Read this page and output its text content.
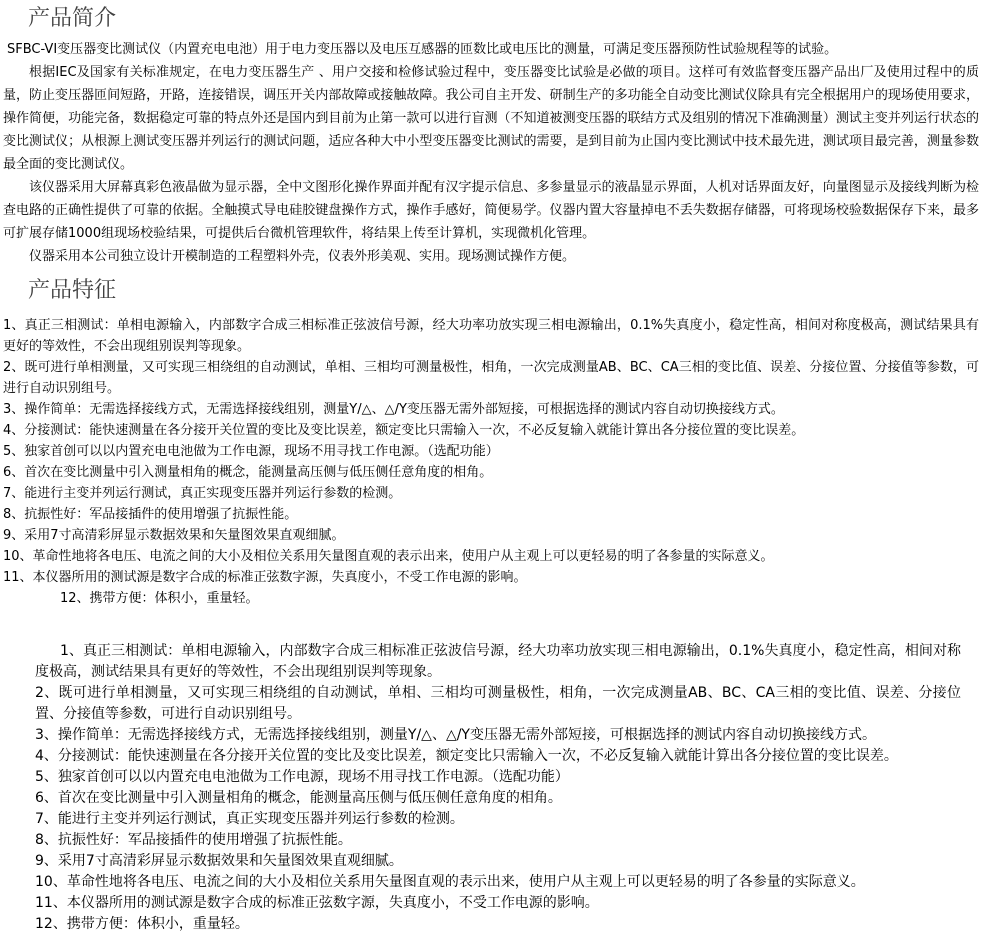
产品简介

SFBC-VI变压器变比测试仪（内置充电电池）用于电力变压器以及电压互感器的匝数比或电压比的测量，可满足变压器预防性试验规程等的试验。

根据IEC及国家有关标准规定，在电力变压器生产 、用户交接和检修试验过程中，变压器变比试验是必做的项目。这样可有效监督变压器产品出厂及使用过程中的质量，防止变压器匝间短路，开路，连接错误，调压开关内部故障或接触故障。我公司自主开发、研制生产的多功能全自动变比测试仪除具有完全根据用户的现场使用要求，操作简便，功能完备，数据稳定可靠的特点外还是国内到目前为止第一款可以进行盲测（不知道被测变压器的联结方式及组别的情况下准确测量）测试主变并列运行状态的变比测试仪；从根源上测试变压器并列运行的测试问题，适应各种大中小型变压器变比测试的需要，是到目前为止国内变比测试中技术最先进，测试项目最完善，测量参数最全面的变比测试仪。

该仪器采用大屏幕真彩色液晶做为显示器，全中文图形化操作界面并配有汉字提示信息、多参量显示的液晶显示界面，人机对话界面友好，向量图显示及接线判断为检查电路的正确性提供了可靠的依据。全触摸式导电硅胶键盘操作方式，操作手感好，简便易学。仪器内置大容量掉电不丢失数据存储器，可将现场校验数据保存下来，最多可扩展存储1000组现场校验结果，可提供后台微机管理软件，将结果上传至计算机，实现微机化管理。

仪器采用本公司独立设计开模制造的工程塑料外壳，仪表外形美观、实用。现场测试操作方便。

产品特征
1、真正三相测试：单相电源输入，内部数字合成三相标准正弦波信号源，经大功率功放实现三相电源输出，0.1%失真度小，稳定性高，相间对称度极高，测试结果具有更好的等效性，不会出现组别误判等现象。
2、既可进行单相测量，又可实现三相绕组的自动测试，单相、三相均可测量极性，相角，一次完成测量AB、BC、CA三相的变比值、误差、分接位置、分接值等参数，可进行自动识别组号。
3、操作简单：无需选择接线方式，无需选择接线组别，测量Y/△、△/Y变压器无需外部短接，可根据选择的测试内容自动切换接线方式。
4、分接测试：能快速测量在各分接开关位置的变比及变比误差，额定变比只需输入一次，不必反复输入就能计算出各分接位置的变比误差。
5、独家首创可以以内置充电电池做为工作电源，现场不用寻找工作电源。（选配功能）
6、首次在变比测量中引入测量相角的概念，能测量高压侧与低压侧任意角度的相角。
7、能进行主变并列运行测试，真正实现变压器并列运行参数的检测。
8、抗振性好：军品接插件的使用增强了抗振性能。
9、采用7寸高清彩屏显示数据效果和矢量图效果直观细腻。
10、革命性地将各电压、电流之间的大小及相位关系用矢量图直观的表示出来，使用户从主观上可以更轻易的明了各参量的实际意义。
11、本仪器所用的测试源是数字合成的标准正弦数字源，失真度小，不受工作电源的影响。
12、携带方便：体积小，重量轻。
1、真正三相测试：单相电源输入，内部数字合成三相标准正弦波信号源，经大功率功放实现三相电源输出，0.1%失真度小，稳定性高，相间对称度极高，测试结果具有更好的等效性，不会出现组别误判等现象。
2、既可进行单相测量，又可实现三相绕组的自动测试，单相、三相均可测量极性，相角，一次完成测量AB、BC、CA三相的变比值、误差、分接位置、分接值等参数，可进行自动识别组号。
3、操作简单：无需选择接线方式，无需选择接线组别，测量Y/△、△/Y变压器无需外部短接，可根据选择的测试内容自动切换接线方式。
4、分接测试：能快速测量在各分接开关位置的变比及变比误差，额定变比只需输入一次，不必反复输入就能计算出各分接位置的变比误差。
5、独家首创可以以内置充电电池做为工作电源，现场不用寻找工作电源。（选配功能）
6、首次在变比测量中引入测量相角的概念，能测量高压侧与低压侧任意角度的相角。
7、能进行主变并列运行测试，真正实现变压器并列运行参数的检测。
8、抗振性好：军品接插件的使用增强了抗振性能。
9、采用7寸高清彩屏显示数据效果和矢量图效果直观细腻。
10、革命性地将各电压、电流之间的大小及相位关系用矢量图直观的表示出来，使用户从主观上可以更轻易的明了各参量的实际意义。
11、本仪器所用的测试源是数字合成的标准正弦数字源，失真度小，不受工作电源的影响。
12、携带方便：体积小，重量轻。
